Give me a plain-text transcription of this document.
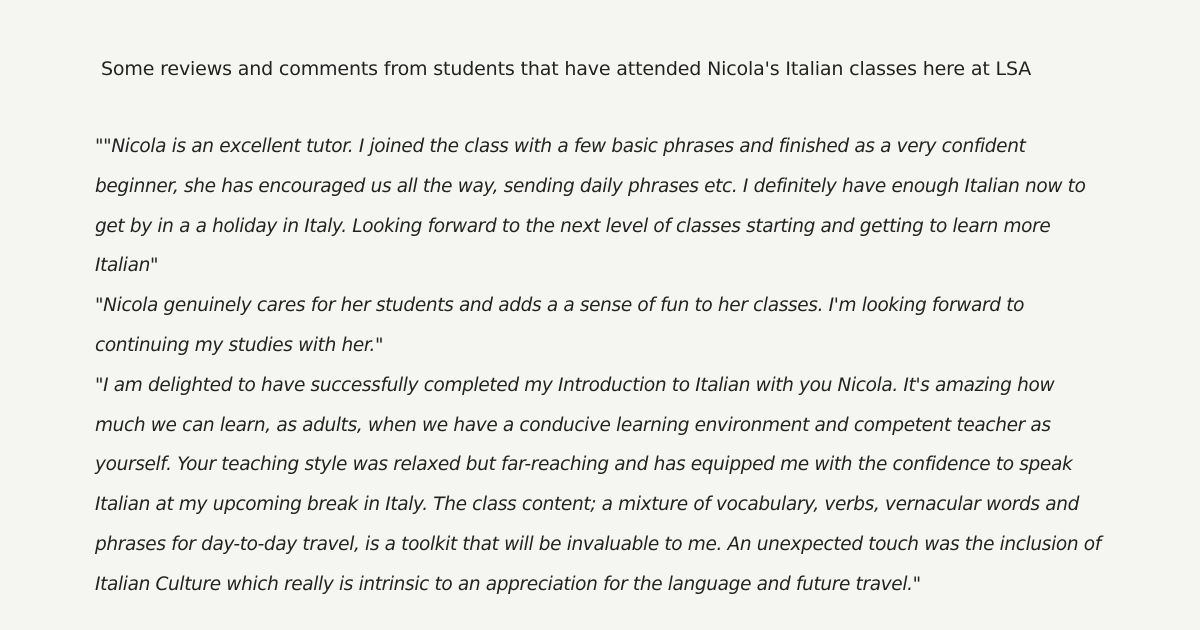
Some reviews and comments from students that have attended Nicola's Italian classes here at LSA

""Nicola is an excellent tutor. I joined the class with a few basic phrases and finished as a very confident beginner, she has encouraged us all the way, sending daily phrases etc. I definitely have enough Italian now to get by in a a holiday in Italy. Looking forward to the next level of classes starting and getting to learn more Italian"

"Nicola genuinely cares for her students and adds a a sense of fun to her classes. I'm looking forward to continuing my studies with her."

"I am delighted to have successfully completed my Introduction to Italian with you Nicola. It's amazing how much we can learn, as adults, when we have a conducive learning environment and competent teacher as yourself. Your teaching style was relaxed but far-reaching and has equipped me with the confidence to speak Italian at my upcoming break in Italy. The class content; a mixture of vocabulary, verbs, vernacular words and phrases for day-to-day travel, is a toolkit that will be invaluable to me. An unexpected touch was the inclusion of Italian Culture which really is intrinsic to an appreciation for the language and future travel."
